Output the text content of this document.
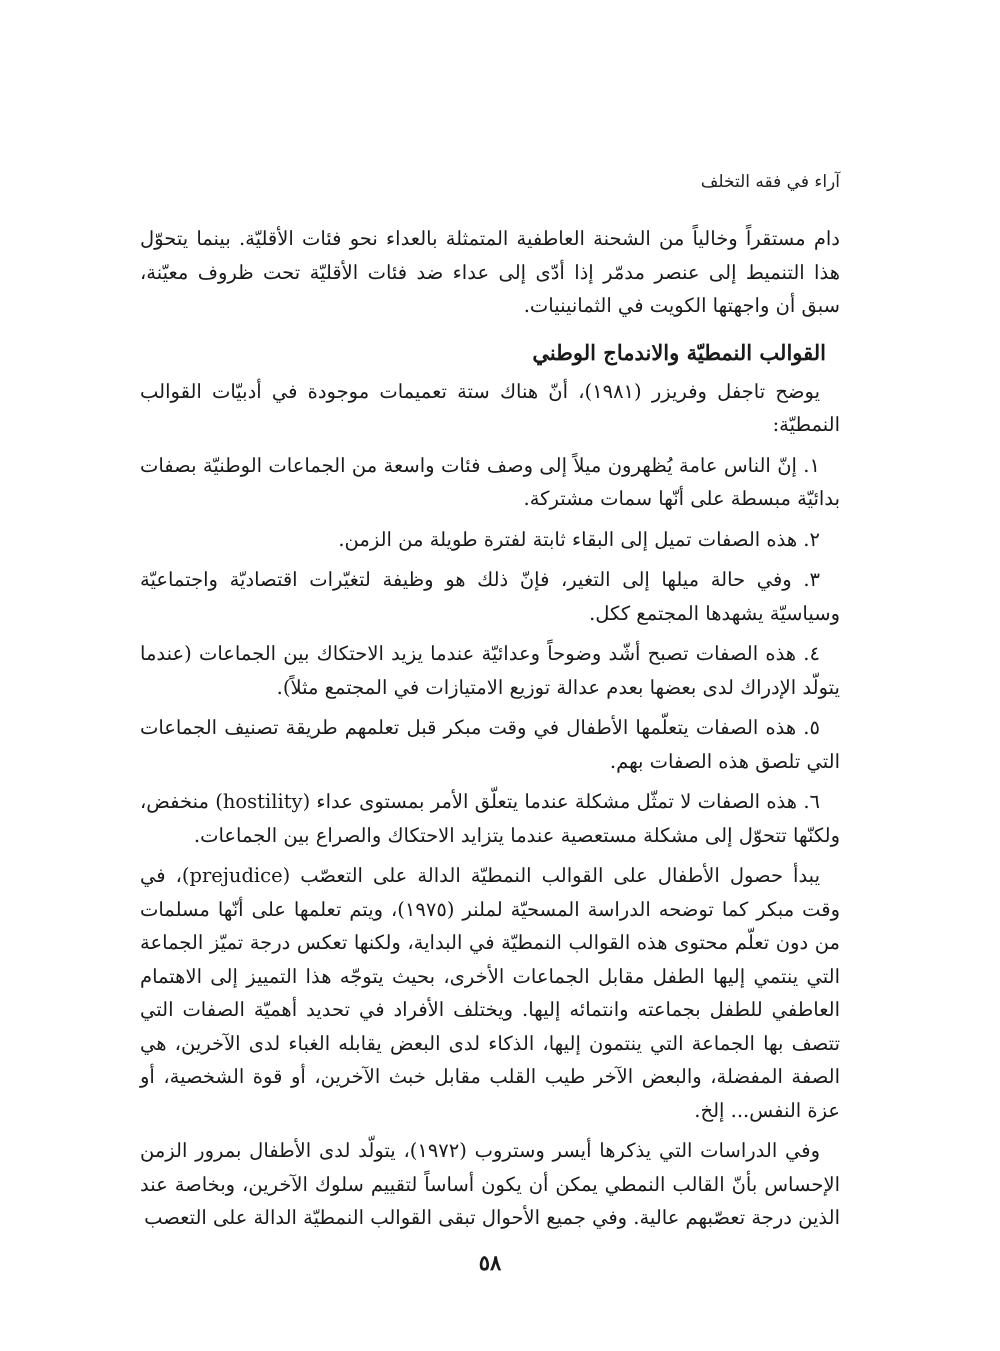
آراء في فقه التخلف

دام مستقراً وخالياً من الشحنة العاطفية المتمثلة بالعداء نحو فئات الأقليّة. بينما يتحوّل هذا التنميط إلى عنصر مدمّر إذا أدّى إلى عداء ضد فئات الأقليّة تحت ظروف معيّنة، سبق أن واجهتها الكويت في الثمانينيات.

القوالب النمطيّة والاندماج الوطني

يوضح تاجفل وفريزر (١٩٨١)، أنّ هناك ستة تعميمات موجودة في أدبيّات القوالب النمطيّة:

١. إنّ الناس عامة يُظهرون ميلاً إلى وصف فئات واسعة من الجماعات الوطنيّة بصفات بدائيّة مبسطة على أنّها سمات مشتركة.

٢. هذه الصفات تميل إلى البقاء ثابتة لفترة طويلة من الزمن.

٣. وفي حالة ميلها إلى التغير، فإنّ ذلك هو وظيفة لتغيّرات اقتصاديّة واجتماعيّة وسياسيّة يشهدها المجتمع ككل.

٤. هذه الصفات تصبح أشّد وضوحاً وعدائيّة عندما يزيد الاحتكاك بين الجماعات (عندما يتولّد الإدراك لدى بعضها بعدم عدالة توزيع الامتيازات في المجتمع مثلاً).

٥. هذه الصفات يتعلّمها الأطفال في وقت مبكر قبل تعلمهم طريقة تصنيف الجماعات التي تلصق هذه الصفات بهم.

٦. هذه الصفات لا تمثّل مشكلة عندما يتعلّق الأمر بمستوى عداء (hostility) منخفض، ولكنّها تتحوّل إلى مشكلة مستعصية عندما يتزايد الاحتكاك والصراع بين الجماعات.

يبدأ حصول الأطفال على القوالب النمطيّة الدالة على التعصّب (prejudice)، في وقت مبكر كما توضحه الدراسة المسحيّة لملنر (١٩٧٥)، ويتم تعلمها على أنّها مسلمات من دون تعلّم محتوى هذه القوالب النمطيّة في البداية، ولكنها تعكس درجة تميّز الجماعة التي ينتمي إليها الطفل مقابل الجماعات الأخرى، بحيث يتوجّه هذا التمييز إلى الاهتمام العاطفي للطفل بجماعته وانتمائه إليها. ويختلف الأفراد في تحديد أهميّة الصفات التي تتصف بها الجماعة التي ينتمون إليها، الذكاء لدى البعض يقابله الغباء لدى الآخرين، هي الصفة المفضلة، والبعض الآخر طيب القلب مقابل خبث الآخرين، أو قوة الشخصية، أو عزة النفس... إلخ.

وفي الدراسات التي يذكرها أيسر وستروب (١٩٧٢)، يتولّد لدى الأطفال بمرور الزمن الإحساس بأنّ القالب النمطي يمكن أن يكون أساساً لتقييم سلوك الآخرين، وبخاصة عند الذين درجة تعصّبهم عالية. وفي جميع الأحوال تبقى القوالب النمطيّة الدالة على التعصب

٥٨
